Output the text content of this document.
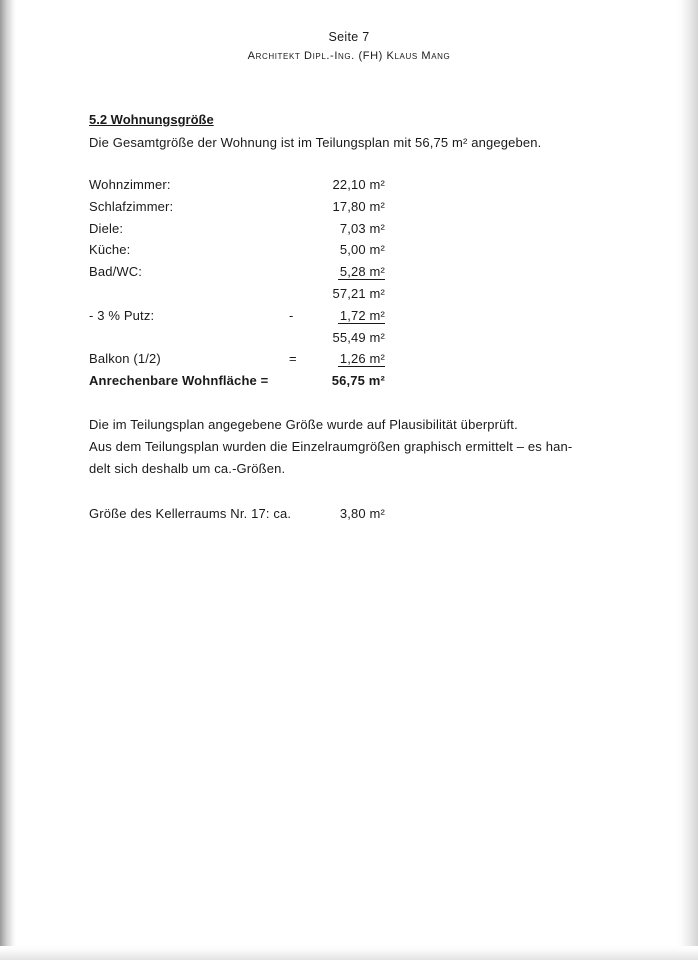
Seite 7
Architekt Dipl.-Ing. (FH) Klaus Mang
5.2 Wohnungsgröße
Die Gesamtgröße der Wohnung ist im Teilungsplan mit 56,75 m² angegeben.
Wohnzimmer:	22,10 m²
Schlafzimmer:	17,80 m²
Diele:	7,03 m²
Küche:	5,00 m²
Bad/WC:	5,28 m²
57,21 m²
- 3 % Putz:	-	1,72 m²
55,49 m²
Balkon (1/2)	=	1,26 m²
Anrechenbare Wohnfläche =	56,75 m²
Die im Teilungsplan angegebene Größe wurde auf Plausibilität überprüft.
Aus dem Teilungsplan wurden die Einzelraumgrößen graphisch ermittelt – es han-
delt sich deshalb um ca.-Größen.
Größe des Kellerraums Nr. 17: ca.	3,80 m²
